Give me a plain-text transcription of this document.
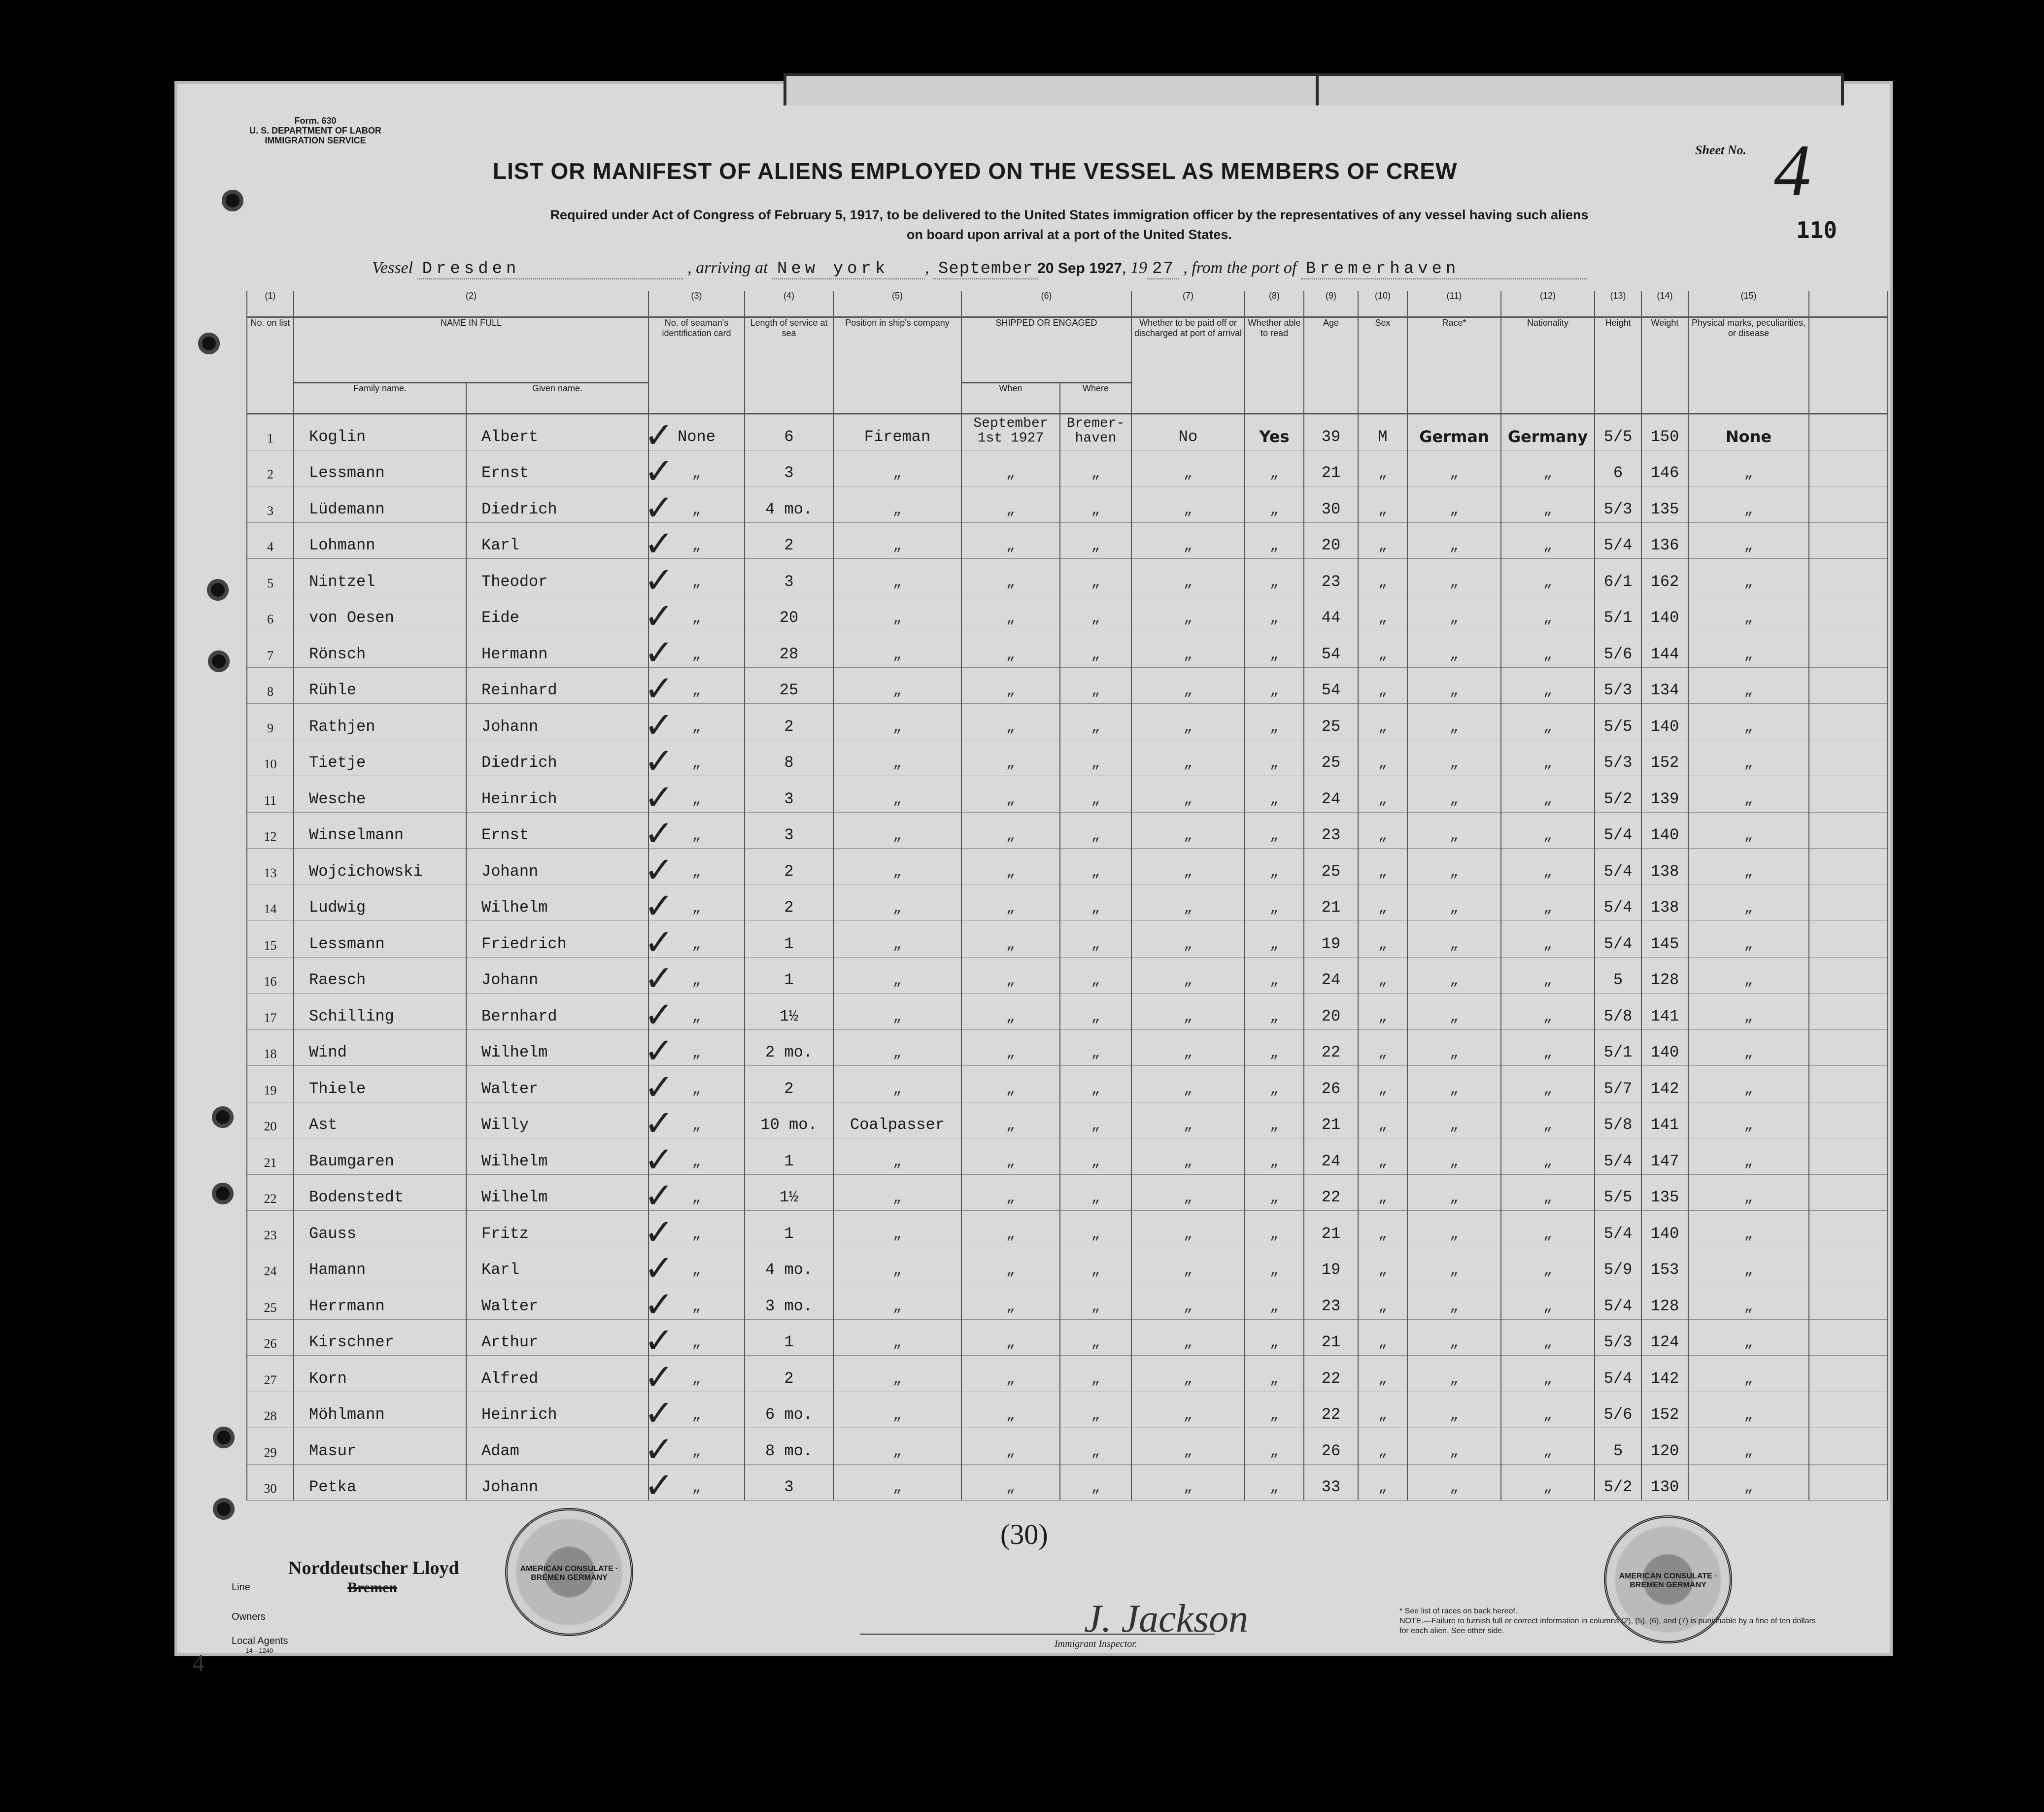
Form. 630
U. S. DEPARTMENT OF LABOR
IMMIGRATION SERVICE
LIST OR MANIFEST OF ALIENS EMPLOYED ON THE VESSEL AS MEMBERS OF CREW
Required under Act of Congress of February 5, 1917, to be delivered to the United States immigration officer by the representatives of any vessel having such aliens
on board upon arrival at a port of the United States.
Sheet No. 4
110
Vessel Dresden	, arriving at New york , September 20 Sep 1927, 19 27 , from the port of Bremerhaven
(1)	(2)		(3)	(4)	(5)	(6)		(7)	(8)	(9)	(10)	(11)	(12)	(13)	(14)	(15)	
No. on list	NAME IN FULL		No. of seaman's identification card	Length of service at sea	Position in ship's company	SHIPPED OR ENGAGED		Whether to be paid off or discharged at port of arrival	Whether able to read	Age	Sex	Race*	Nationality	Height	Weight	Physical marks, peculiarities, or disease	
	Family name.	Given name.				When	Where										
1	Koglin	Albert	✓ None	6	Fireman	September 1st 1927	Bremer- haven	No	Yes	39	M	German	Germany	5/5	150	None	
2	Lessmann	Ernst	✓ „	3	„	„	„	„	„	21	„	„	„	6	146	„	
3	Lüdemann	Diedrich	✓ „	4 mo.	„	„	„	„	„	30	„	„	„	5/3	135	„	
4	Lohmann	Karl	✓ „	2	„	„	„	„	„	20	„	„	„	5/4	136	„	
5	Nintzel	Theodor	✓ „	3	„	„	„	„	„	23	„	„	„	6/1	162	„	
6	von Oesen	Eide	✓ „	20	„	„	„	„	„	44	„	„	„	5/1	140	„	
7	Rönsch	Hermann	✓ „	28	„	„	„	„	„	54	„	„	„	5/6	144	„	
8	Rühle	Reinhard	✓ „	25	„	„	„	„	„	54	„	„	„	5/3	134	„	
9	Rathjen	Johann	✓ „	2	„	„	„	„	„	25	„	„	„	5/5	140	„	
10	Tietje	Diedrich	✓ „	8	„	„	„	„	„	25	„	„	„	5/3	152	„	
11	Wesche	Heinrich	✓ „	3	„	„	„	„	„	24	„	„	„	5/2	139	„	
12	Winselmann	Ernst	✓ „	3	„	„	„	„	„	23	„	„	„	5/4	140	„	
13	Wojcichowski	Johann	✓ „	2	„	„	„	„	„	25	„	„	„	5/4	138	„	
14	Ludwig	Wilhelm	✓ „	2	„	„	„	„	„	21	„	„	„	5/4	138	„	
15	Lessmann	Friedrich	✓ „	1	„	„	„	„	„	19	„	„	„	5/4	145	„	
16	Raesch	Johann	✓ „	1	„	„	„	„	„	24	„	„	„	5	128	„	
17	Schilling	Bernhard	✓ „	1½	„	„	„	„	„	20	„	„	„	5/8	141	„	
18	Wind	Wilhelm	✓ „	2 mo.	„	„	„	„	„	22	„	„	„	5/1	140	„	
19	Thiele	Walter	✓ „	2	„	„	„	„	„	26	„	„	„	5/7	142	„	
20	Ast	Willy	✓ „	10 mo.	Coalpasser	„	„	„	„	21	„	„	„	5/8	141	„	
21	Baumgaren	Wilhelm	✓ „	1	„	„	„	„	„	24	„	„	„	5/4	147	„	
22	Bodenstedt	Wilhelm	✓ „	1½	„	„	„	„	„	22	„	„	„	5/5	135	„	
23	Gauss	Fritz	✓ „	1	„	„	„	„	„	21	„	„	„	5/4	140	„	
24	Hamann	Karl	✓ „	4 mo.	„	„	„	„	„	19	„	„	„	5/9	153	„	
25	Herrmann	Walter	✓ „	3 mo.	„	„	„	„	„	23	„	„	„	5/4	128	„	
26	Kirschner	Arthur	✓ „	1	„	„	„	„	„	21	„	„	„	5/3	124	„	
27	Korn	Alfred	✓ „	2	„	„	„	„	„	22	„	„	„	5/4	142	„	
28	Möhlmann	Heinrich	✓ „	6 mo.	„	„	„	„	„	22	„	„	„	5/6	152	„	
29	Masur	Adam	✓ „	8 mo.	„	„	„	„	„	26	„	„	„	5	120	„	
30	Petka	Johann	✓ „	3	„	„	„	„	„	33	„	„	„	5/2	130	„	
(30)
AMERICAN CONSULATE · BREMEN GERMANY	AMERICAN CONSULATE · BREMEN GERMANY
Norddeutscher Lloyd
Bremen
Line
Owners
Local Agents
14—1240
J. Jackson
Immigrant Inspector.
* See list of races on back hereof.
NOTE.—Failure to furnish full or correct information in columns (2), (5), (6), and (7) is punishable by a fine of ten dollars for each alien. See other side.
4
